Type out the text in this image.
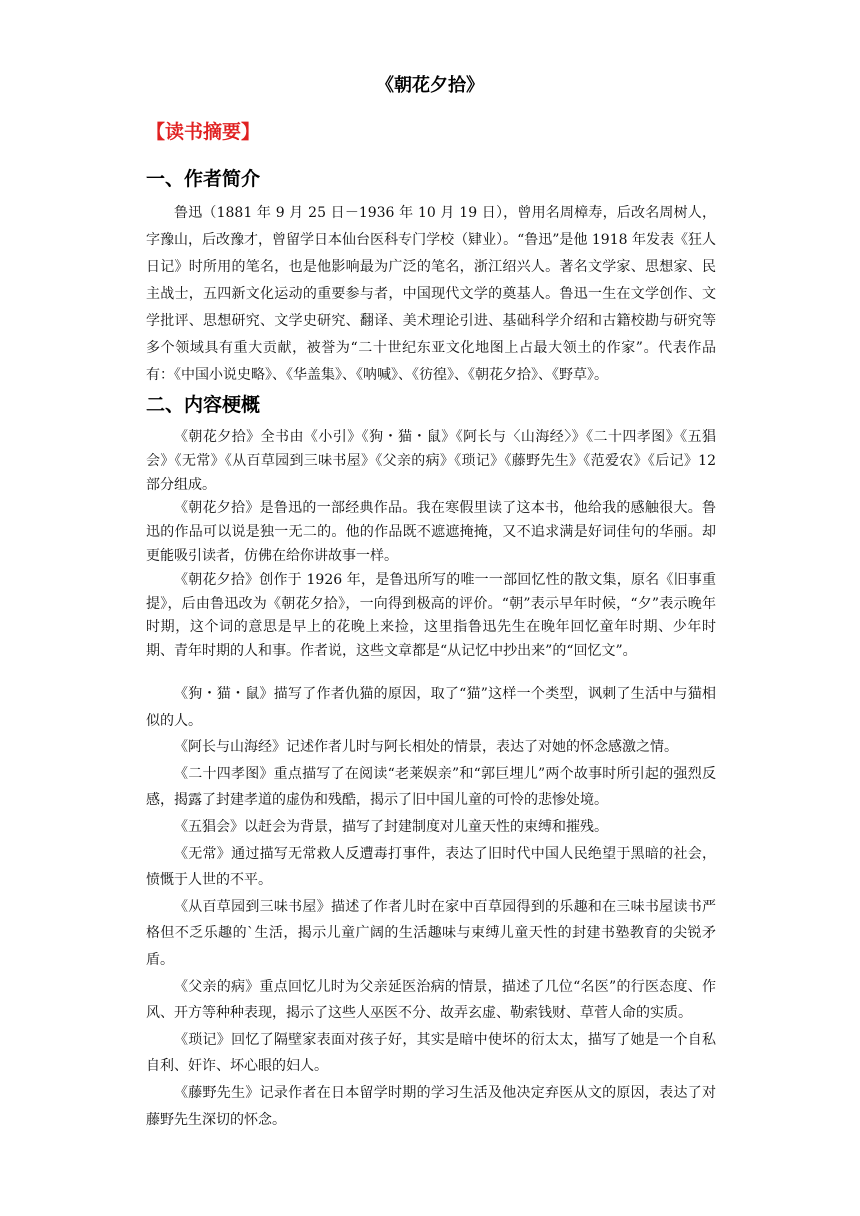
《朝花夕拾》
【读书摘要】
一、作者简介

鲁迅（1881 年 9 月 25 日－1936 年 10 月 19 日），曾用名周樟寿，后改名周树人，字豫山，后改豫才，曾留学日本仙台医科专门学校（肄业）。“鲁迅”是他 1918 年发表《狂人日记》时所用的笔名，也是他影响最为广泛的笔名，浙江绍兴人。著名文学家、思想家、民主战士，五四新文化运动的重要参与者，中国现代文学的奠基人。鲁迅一生在文学创作、文学批评、思想研究、文学史研究、翻译、美术理论引进、基础科学介绍和古籍校勘与研究等多个领域具有重大贡献，被誉为“二十世纪东亚文化地图上占最大领土的作家”。代表作品有：《中国小说史略》、《华盖集》、《呐喊》、《彷徨》、《朝花夕拾》、《野草》。

二、内容梗概

《朝花夕拾》全书由《小引》《狗・猫・鼠》《阿长与〈山海经〉》《二十四孝图》《五猖会》《无常》《从百草园到三味书屋》《父亲的病》《琐记》《藤野先生》《范爱农》《后记》12 部分组成。

《朝花夕拾》是鲁迅的一部经典作品。我在寒假里读了这本书，他给我的感触很大。鲁迅的作品可以说是独一无二的。他的作品既不遮遮掩掩，又不追求满是好词佳句的华丽。却更能吸引读者，仿佛在给你讲故事一样。

《朝花夕拾》创作于 1926 年，是鲁迅所写的唯一一部回忆性的散文集，原名《旧事重提》，后由鲁迅改为《朝花夕拾》，一向得到极高的评价。“朝”表示早年时候，“夕”表示晚年时期，这个词的意思是早上的花晚上来捡，这里指鲁迅先生在晚年回忆童年时期、少年时期、青年时期的人和事。作者说，这些文章都是“从记忆中抄出来”的“回忆文”。

《狗・猫・鼠》描写了作者仇猫的原因，取了“猫”这样一个类型，讽刺了生活中与猫相似的人。

《阿长与山海经》记述作者儿时与阿长相处的情景，表达了对她的怀念感激之情。

《二十四孝图》重点描写了在阅读“老莱娱亲”和“郭巨埋儿”两个故事时所引起的强烈反感，揭露了封建孝道的虚伪和残酷，揭示了旧中国儿童的可怜的悲惨处境。

《五猖会》以赶会为背景，描写了封建制度对儿童天性的束缚和摧残。

《无常》通过描写无常救人反遭毒打事件，表达了旧时代中国人民绝望于黑暗的社会，愤慨于人世的不平。

《从百草园到三味书屋》描述了作者儿时在家中百草园得到的乐趣和在三味书屋读书严格但不乏乐趣的`生活，揭示儿童广阔的生活趣味与束缚儿童天性的封建书塾教育的尖锐矛盾。

《父亲的病》重点回忆儿时为父亲延医治病的情景，描述了几位“名医”的行医态度、作风、开方等种种表现，揭示了这些人巫医不分、故弄玄虚、勒索钱财、草菅人命的实质。

《琐记》回忆了隔壁家表面对孩子好，其实是暗中使坏的衍太太，描写了她是一个自私自利、奸诈、坏心眼的妇人。

《藤野先生》记录作者在日本留学时期的学习生活及他决定弃医从文的原因，表达了对藤野先生深切的怀念。
